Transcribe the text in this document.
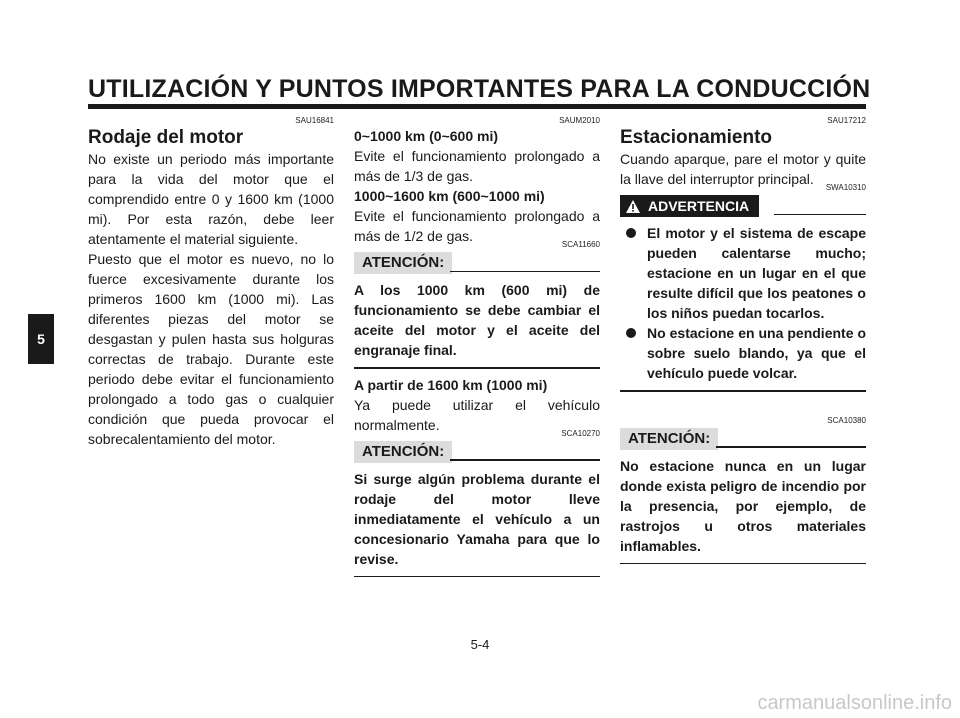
UTILIZACIÓN Y PUNTOS IMPORTANTES PARA LA CONDUCCIÓN
5
SAU16841
Rodaje del motor

No existe un periodo más importante para la vida del motor que el comprendido entre 0 y 1600 km (1000 mi). Por esta razón, debe leer atentamente el material siguiente.

Puesto que el motor es nuevo, no lo fuerce excesivamente durante los primeros 1600 km (1000 mi). Las diferentes piezas del motor se desgastan y pulen hasta sus holguras correctas de trabajo. Durante este periodo debe evitar el funcionamiento prolongado a todo gas o cualquier condición que pueda provocar el sobrecalentamiento del motor.

SAUM2010
0~1000 km (0~600 mi)

Evite el funcionamiento prolongado a más de 1/3 de gas.

1000~1600 km (600~1000 mi)

Evite el funcionamiento prolongado a más de 1/2 de gas.

SCA11660
ATENCIÓN:
A los 1000 km (600 mi) de funcionamiento se debe cambiar el aceite del motor y el aceite del engranaje final.
A partir de 1600 km (1000 mi)

Ya puede utilizar el vehículo normalmente.

SCA10270
ATENCIÓN:
Si surge algún problema durante el rodaje del motor lleve inmediatamente el vehículo a un concesionario Yamaha para que lo revise.
SAU17212
Estacionamiento

Cuando aparque, pare el motor y quite la llave del interruptor principal.

SWA10310
ADVERTENCIA
El motor y el sistema de escape pueden calentarse mucho; estacione en un lugar en el que resulte difícil que los peatones o los niños puedan tocarlos.
No estacione en una pendiente o sobre suelo blando, ya que el vehículo puede volcar.
SCA10380
ATENCIÓN:
No estacione nunca en un lugar donde exista peligro de incendio por la presencia, por ejemplo, de rastrojos u otros materiales inflamables.
5-4
carmanualsonline.info
